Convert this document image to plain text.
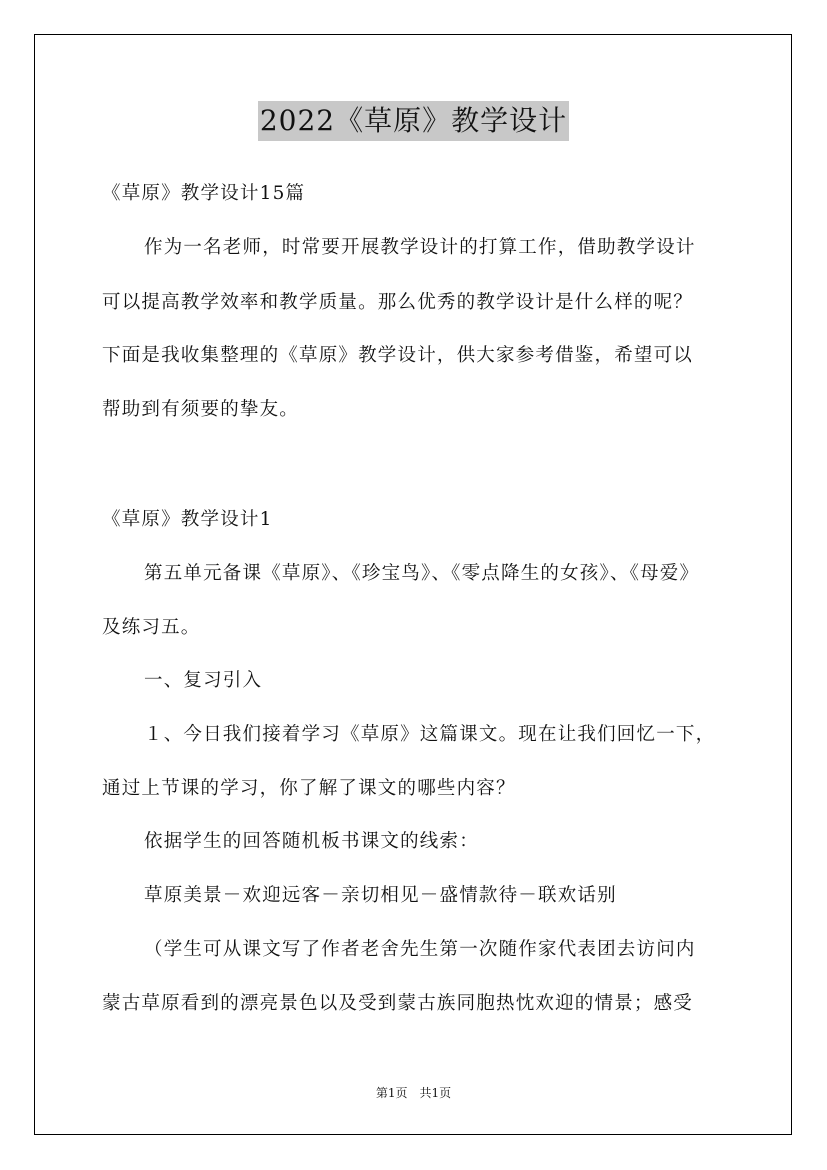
2022《草原》教学设计
《草原》教学设计15篇
作为一名老师，时常要开展教学设计的打算工作，借助教学设计
可以提高教学效率和教学质量。那么优秀的教学设计是什么样的呢？
下面是我收集整理的《草原》教学设计，供大家参考借鉴，希望可以
帮助到有须要的挚友。
《草原》教学设计1
第五单元备课《草原》、《珍宝鸟》、《零点降生的女孩》、《母爱》
及练习五。
一、复习引入
１、今日我们接着学习《草原》这篇课文。现在让我们回忆一下，
通过上节课的学习，你了解了课文的哪些内容？
依据学生的回答随机板书课文的线索：
草原美景－欢迎远客－亲切相见－盛情款待－联欢话别
（学生可从课文写了作者老舍先生第一次随作家代表团去访问内
蒙古草原看到的漂亮景色以及受到蒙古族同胞热忱欢迎的情景；感受
第1页　共1页
